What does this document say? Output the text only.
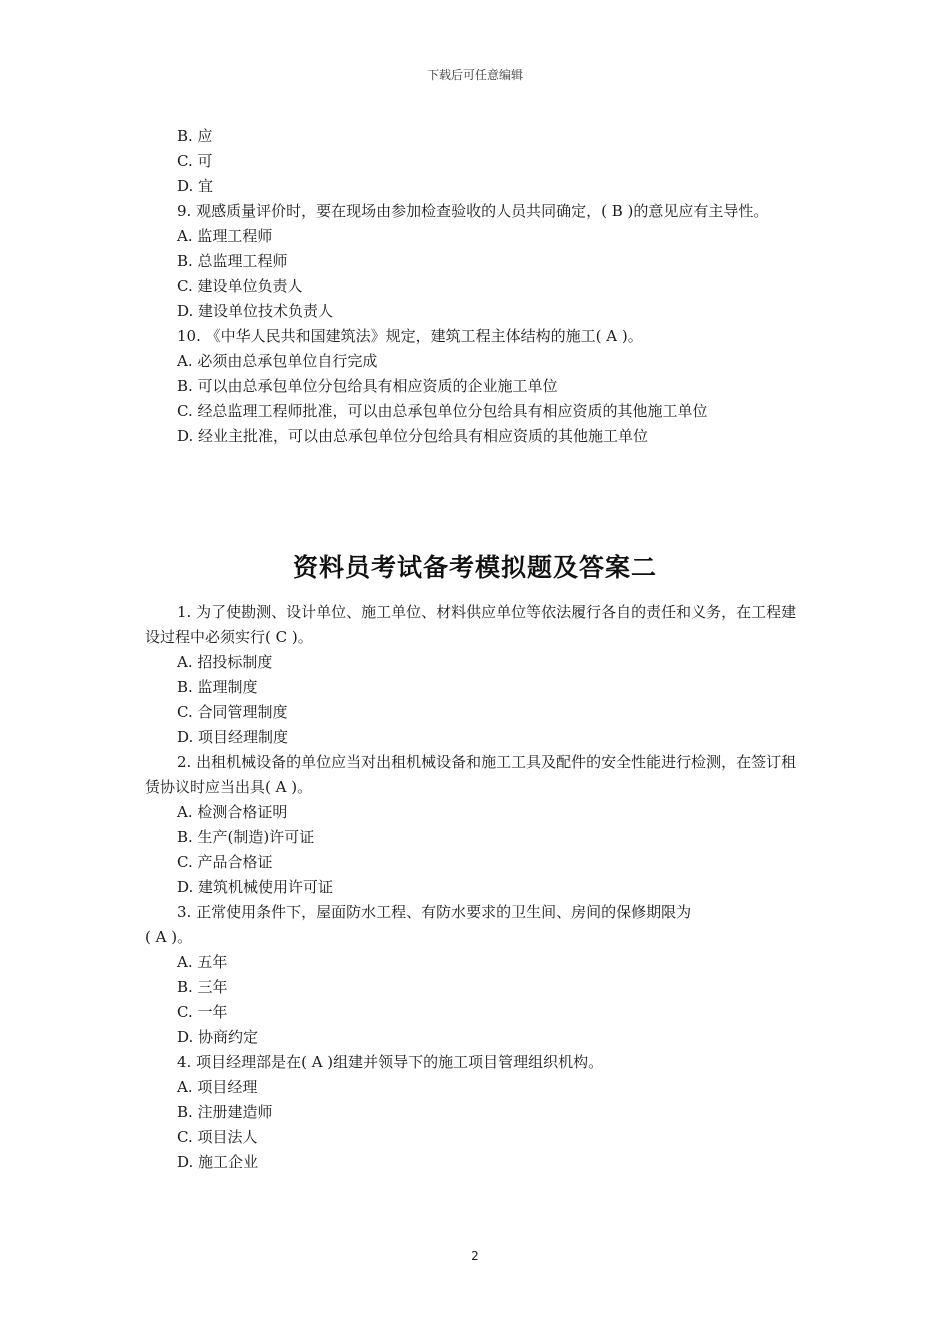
下载后可任意编辑
B. 应
C. 可
D. 宜
9. 观感质量评价时，要在现场由参加检查验收的人员共同确定，( B )的意见应有主导性。
A. 监理工程师
B. 总监理工程师
C. 建设单位负责人
D. 建设单位技术负责人
10. 《中华人民共和国建筑法》规定，建筑工程主体结构的施工( A )。
A. 必须由总承包单位自行完成
B. 可以由总承包单位分包给具有相应资质的企业施工单位
C. 经总监理工程师批准，可以由总承包单位分包给具有相应资质的其他施工单位
D. 经业主批准，可以由总承包单位分包给具有相应资质的其他施工单位
资料员考试备考模拟题及答案二
1. 为了使勘测、设计单位、施工单位、材料供应单位等依法履行各自的责任和义务，在工程建设过程中必须实行( C )。
A. 招投标制度
B. 监理制度
C. 合同管理制度
D. 项目经理制度
2. 出租机械设备的单位应当对出租机械设备和施工工具及配件的安全性能进行检测，在签订租赁协议时应当出具( A )。
A. 检测合格证明
B. 生产(制造)许可证
C. 产品合格证
D. 建筑机械使用许可证
3. 正常使用条件下，屋面防水工程、有防水要求的卫生间、房间的保修期限为
( A )。
A. 五年
B. 三年
C. 一年
D. 协商约定
4. 项目经理部是在( A )组建并领导下的施工项目管理组织机构。
A. 项目经理
B. 注册建造师
C. 项目法人
D. 施工企业
2
